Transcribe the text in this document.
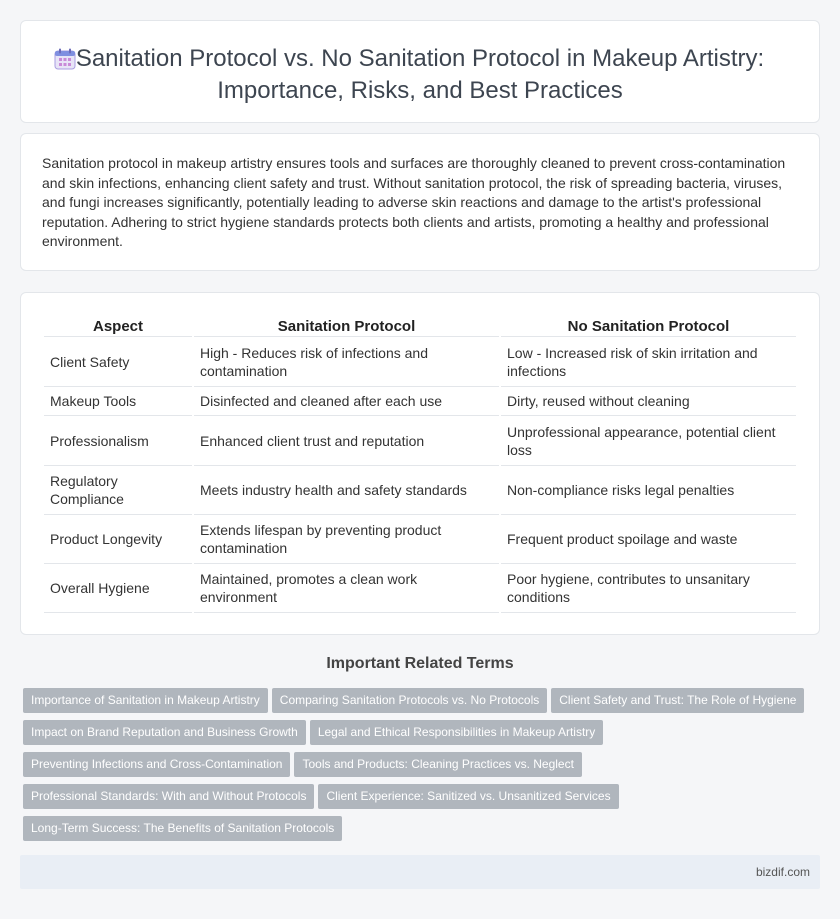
Sanitation Protocol vs. No Sanitation Protocol in Makeup Artistry: Importance, Risks, and Best Practices

Sanitation protocol in makeup artistry ensures tools and surfaces are thoroughly cleaned to prevent cross-contamination and skin infections, enhancing client safety and trust. Without sanitation protocol, the risk of spreading bacteria, viruses, and fungi increases significantly, potentially leading to adverse skin reactions and damage to the artist's professional reputation. Adhering to strict hygiene standards protects both clients and artists, promoting a healthy and professional environment.

Aspect	Sanitation Protocol	No Sanitation Protocol
Client Safety	High - Reduces risk of infections and contamination	Low - Increased risk of skin irritation and infections
Makeup Tools	Disinfected and cleaned after each use	Dirty, reused without cleaning
Professionalism	Enhanced client trust and reputation	Unprofessional appearance, potential client loss
Regulatory Compliance	Meets industry health and safety standards	Non-compliance risks legal penalties
Product Longevity	Extends lifespan by preventing product contamination	Frequent product spoilage and waste
Overall Hygiene	Maintained, promotes a clean work environment	Poor hygiene, contributes to unsanitary conditions
Important Related Terms
Importance of Sanitation in Makeup Artistry Comparing Sanitation Protocols vs. No Protocols Client Safety and Trust: The Role of Hygiene
Impact on Brand Reputation and Business Growth Legal and Ethical Responsibilities in Makeup Artistry
Preventing Infections and Cross-Contamination Tools and Products: Cleaning Practices vs. Neglect
Professional Standards: With and Without Protocols Client Experience: Sanitized vs. Unsanitized Services
Long-Term Success: The Benefits of Sanitation Protocols
bizdif.com
